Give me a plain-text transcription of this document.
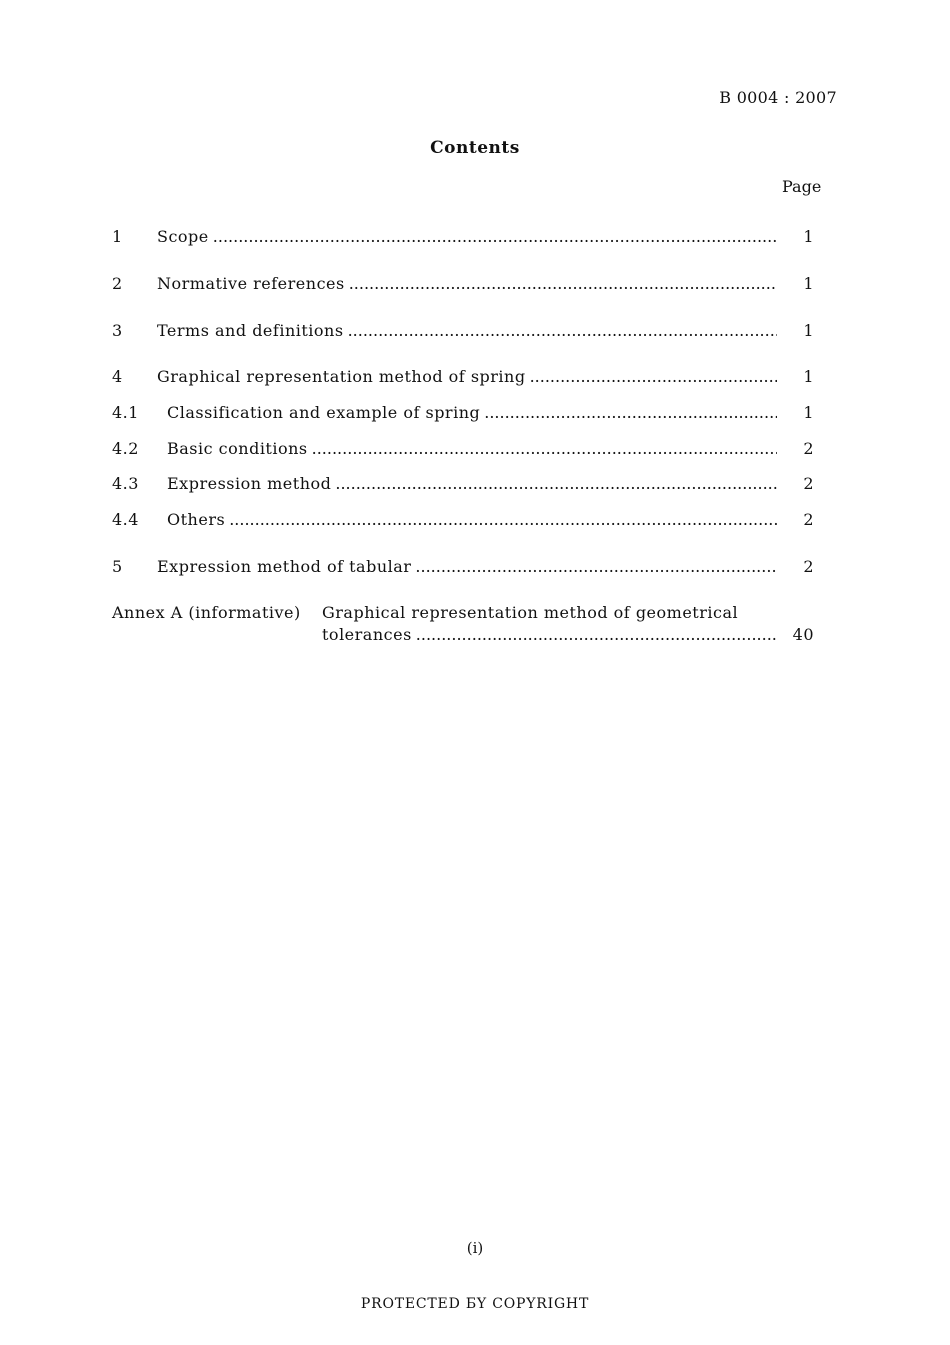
B 0004 : 2007
Contents
Page
1 Scope .....	1
2 Normative references .....	1
3 Terms and definitions .....	1
4 Graphical representation method of spring .....	1
4.1 Classification and example of spring .....	1
4.2 Basic conditions .....	2
4.3 Expression method .....	2
4.4 Others .....	2
5 Expression method of tabular .....	2
Annex A (informative) Graphical representation method of geometrical
tolerances .....	40
(i)
PROTECTED БY COPYRIGHT
